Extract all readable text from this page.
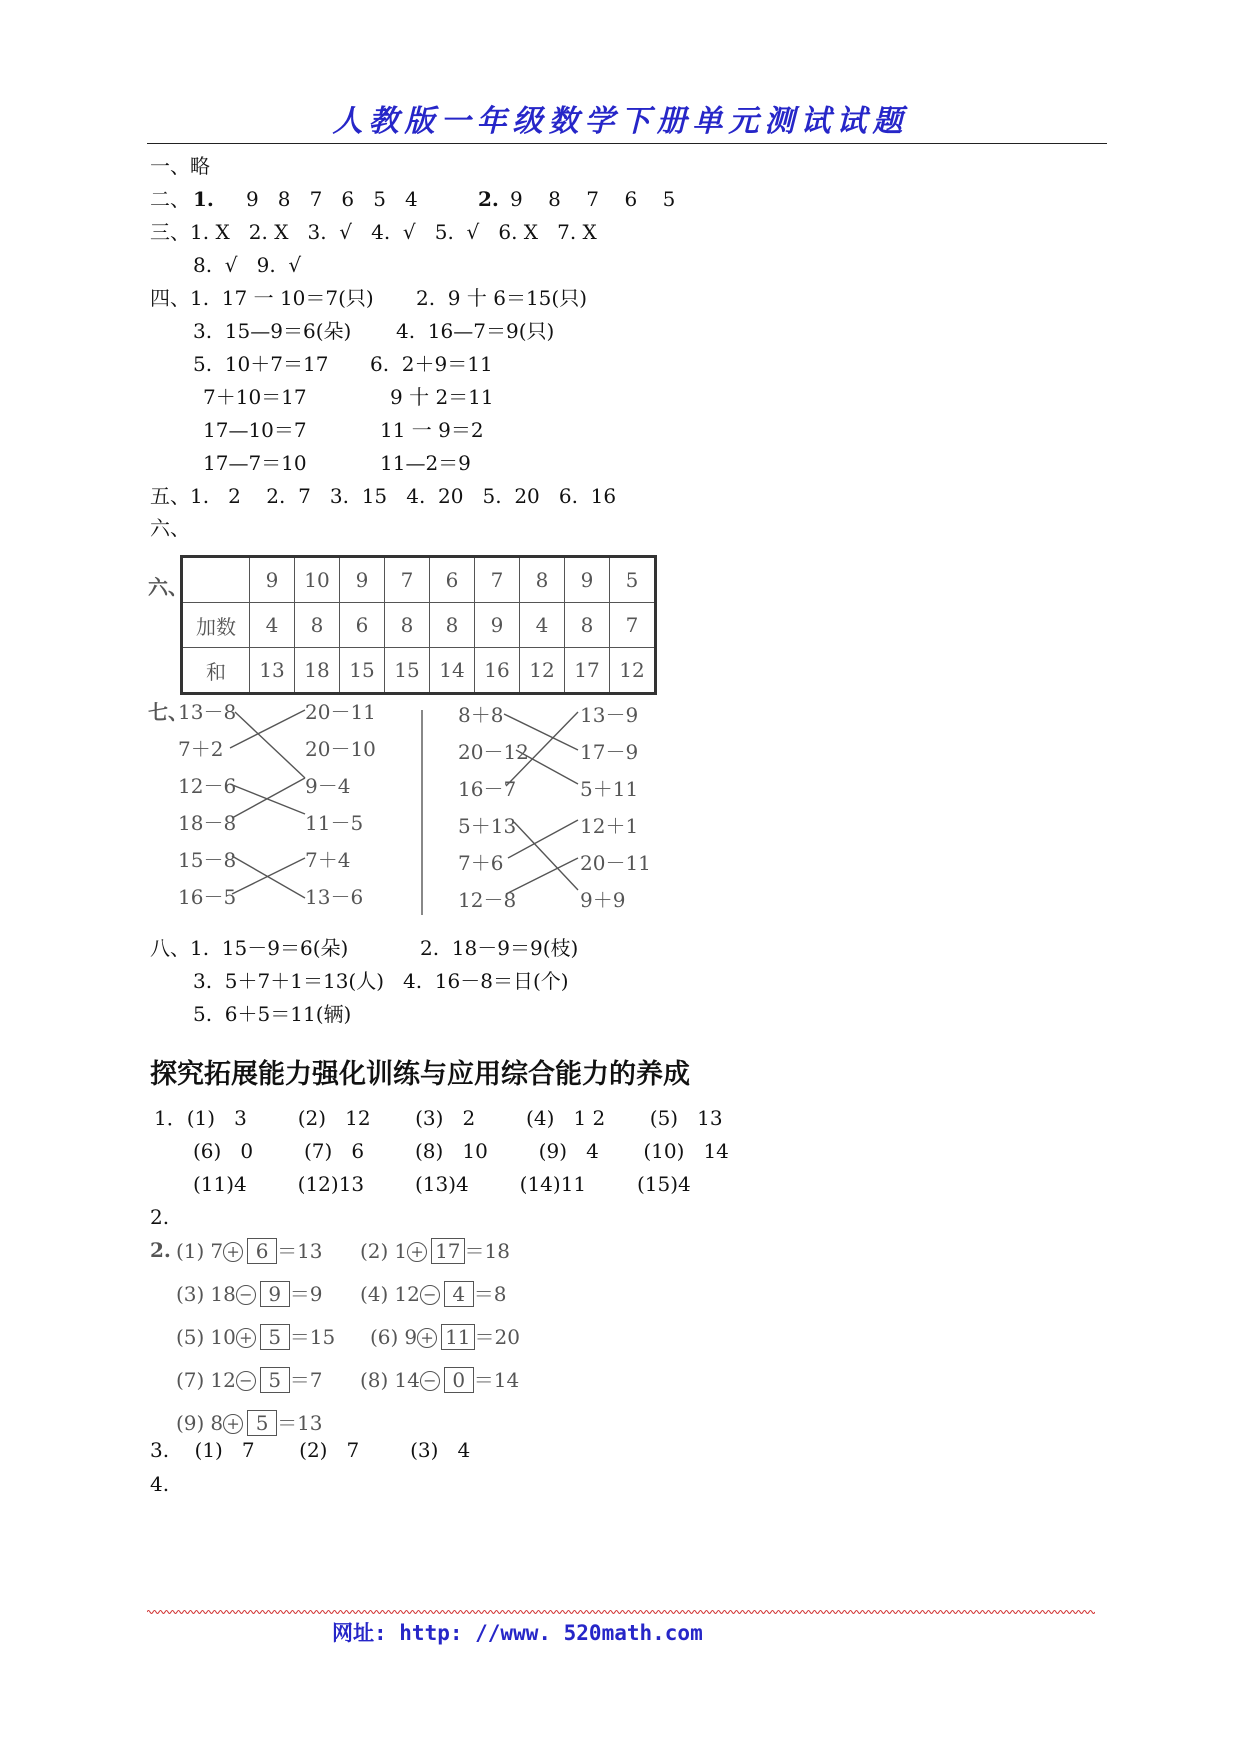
人教版一年级数学下册单元测试试题
一、略
二、 1. 9   8   7   6   5   4	2. 9    8    7    6    5
三、1. X   2. X   3.  √   4.  √   5.  √   6. X   7. X
8.  √   9.  √
四、1.  17 一 10＝7(只) 2.  9 十 6＝15(只)
3.  15—9＝6(朵) 4.  16—7＝9(只)
5.  10＋7＝17 6.  2＋9＝11
7＋10＝17	9 十 2＝11
17—10＝7	11 一 9＝2
17—7＝10	11—2＝9
五、1.   2    2.  7   3.  15   4.  20   5.  20   6.  16
六、
六、
		9	10	9	7	6	7	8	9	5
加数	4	8	6	8	8	9	4	8	7
和	13	18	15	15	14	16	12	17	12
七、
13－8
7＋2
12－6
18－8
15－8
16－5
20－11
20－10
9－4
11－5
7＋4
13－6
8＋8
20－12
16－7
5＋13
7＋6
12－8
13－9
17－9
5＋11
12＋1
20－11
9＋9
八、1.  15－9＝6(朵)	2.  18－9＝9(枝)
3.  5＋7＋1＝13(人) 4.  16－8＝日(个)
5.  6＋5＝11(辆)
探究拓展能力强化训练与应用综合能力的养成
1．(1)   3        (2)   12       (3)   2        (4)   1 2       (5)   13
(6)   0        (7)   6        (8)   10        (9)   4       (10)   14
(11)4        (12)13        (13)4        (14)11        (15)4
2.
2. (1) 7 + 6 ＝13 (2) 1 + 17 ＝18
(3) 18 − 9 ＝9 (4) 12 − 4 ＝8
(5) 10 + 5 ＝15 (6) 9 + 11 ＝20
(7) 12 − 5 ＝7 (8) 14 − 0 ＝14
(9) 8 + 5 ＝13
3.    (1)   7       (2)   7        (3)   4
4.
网址: http: //www. 520math.com
